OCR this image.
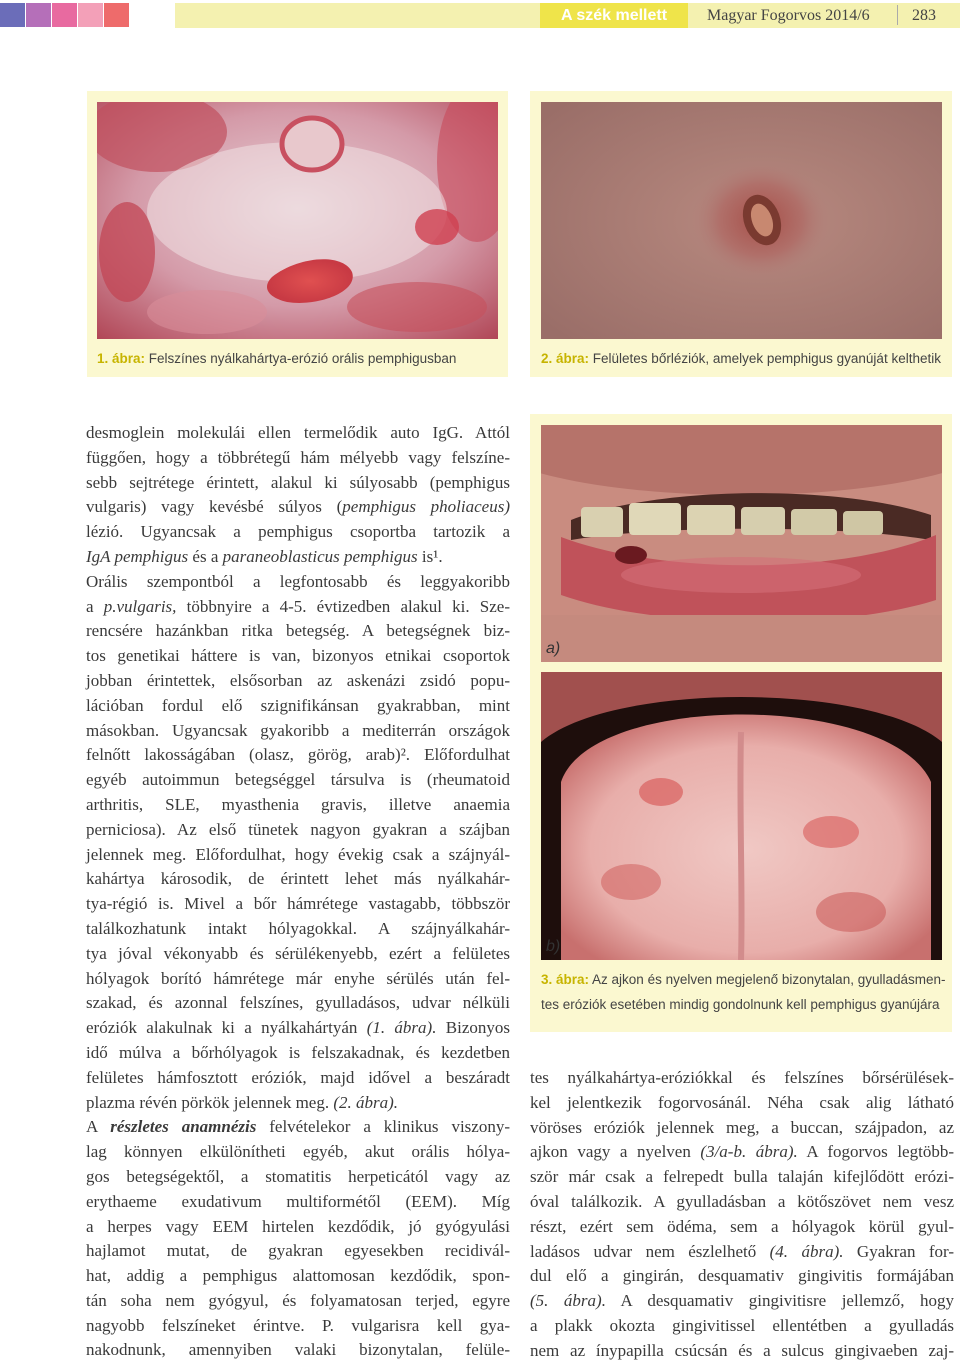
A szék mellett	Magyar Fogorvos 2014/6	283
1. ábra: Felszínes nyálkahártya-erózió orális pemphigusban	2. ábra: Felületes bőrléziók, amelyek pemphigus gyanúját kelthetik
a)
b)
3. ábra: Az ajkon és nyelven megjelenő bizonytalan, gyulladásmen-
tes eróziók esetében mindig gondolnunk kell pemphigus gyanújára
desmoglein molekulái ellen termelődik auto IgG. Attól
függően, hogy a többrétegű hám mélyebb vagy felszíne-
sebb sejtrétege érintett, alakul ki súlyosabb (pemphigus
vulgaris) vagy kevésbé súlyos (pemphigus pholiaceus)
lézió. Ugyancsak a pemphigus csoportba tartozik a
IgA pemphigus és a paraneoblasticus pemphigus is¹.
Orális szempontból a legfontosabb és leggyakoribb
a p.vulgaris, többnyire a 4-5. évtizedben alakul ki. Sze-
rencsére hazánkban ritka betegség. A betegségnek biz-
tos genetikai háttere is van, bizonyos etnikai csoportok
jobban érintettek, elsősorban az askenázi zsidó popu-
lációban fordul elő szignifikánsan gyakrabban, mint
másokban. Ugyancsak gyakoribb a mediterrán országok
felnőtt lakosságában (olasz, görög, arab)². Előfordulhat
egyéb autoimmun betegséggel társulva is (rheumatoid
arthritis, SLE, myasthenia gravis, illetve anaemia
perniciosa). Az első tünetek nagyon gyakran a szájban
jelennek meg. Előfordulhat, hogy évekig csak a szájnyál-
kahártya károsodik, de érintett lehet más nyálkahár-
tya-régió is. Mivel a bőr hámrétege vastagabb, többször
találkozhatunk intakt hólyagokkal. A szájnyálkahár-
tya jóval vékonyabb és sérülékenyebb, ezért a felületes
hólyagok borító hámrétege már enyhe sérülés után fel-
szakad, és azonnal felszínes, gyulladásos, udvar nélküli
eróziók alakulnak ki a nyálkahártyán (1. ábra). Bizonyos
idő múlva a bőrhólyagok is felszakadnak, és kezdetben
felületes hámfosztott eróziók, majd idővel a beszáradt
plazma révén pörkök jelennek meg. (2. ábra).
A részletes anamnézis felvételekor a klinikus viszony-
lag könnyen elkülönítheti egyéb, akut orális hólya-
gos betegségektől, a stomatitis herpeticától vagy az
erythaeme exudativum multiformétől (EEM). Míg
a herpes vagy EEM hirtelen kezdődik, jó gyógyulási
hajlamot mutat, de gyakran egyesekben recidivál-
hat, addig a pemphigus alattomosan kezdődik, spon-
tán soha nem gyógyul, és folyamatosan terjed, egyre
nagyobb felszíneket érintve. P. vulgarisra kell gya-
nakodnunk, amennyiben valaki bizonytalan, felüle-
tes nyálkahártya-eróziókkal és felszínes bőrsérülések-
kel jelentkezik fogorvosánál. Néha csak alig látható
vöröses eróziók jelennek meg, a buccan, szájpadon, az
ajkon vagy a nyelven (3/a-b. ábra). A fogorvos legtöbb-
ször már csak a felrepedt bulla talaján kifejlődött erózi-
óval találkozik. A gyulladásban a kötőszövet nem vesz
részt, ezért sem ödéma, sem a hólyagok körül gyul-
ladásos udvar nem észlelhető (4. ábra). Gyakran for-
dul elő a gingirán, desquamativ gingivitis formájában
(5. ábra). A desquamativ gingivitisre jellemző, hogy
a plakk okozta gingivitissel ellentétben a gyulladás
nem az ínypapilla csúcsán és a sulcus gingivaeben zaj-
